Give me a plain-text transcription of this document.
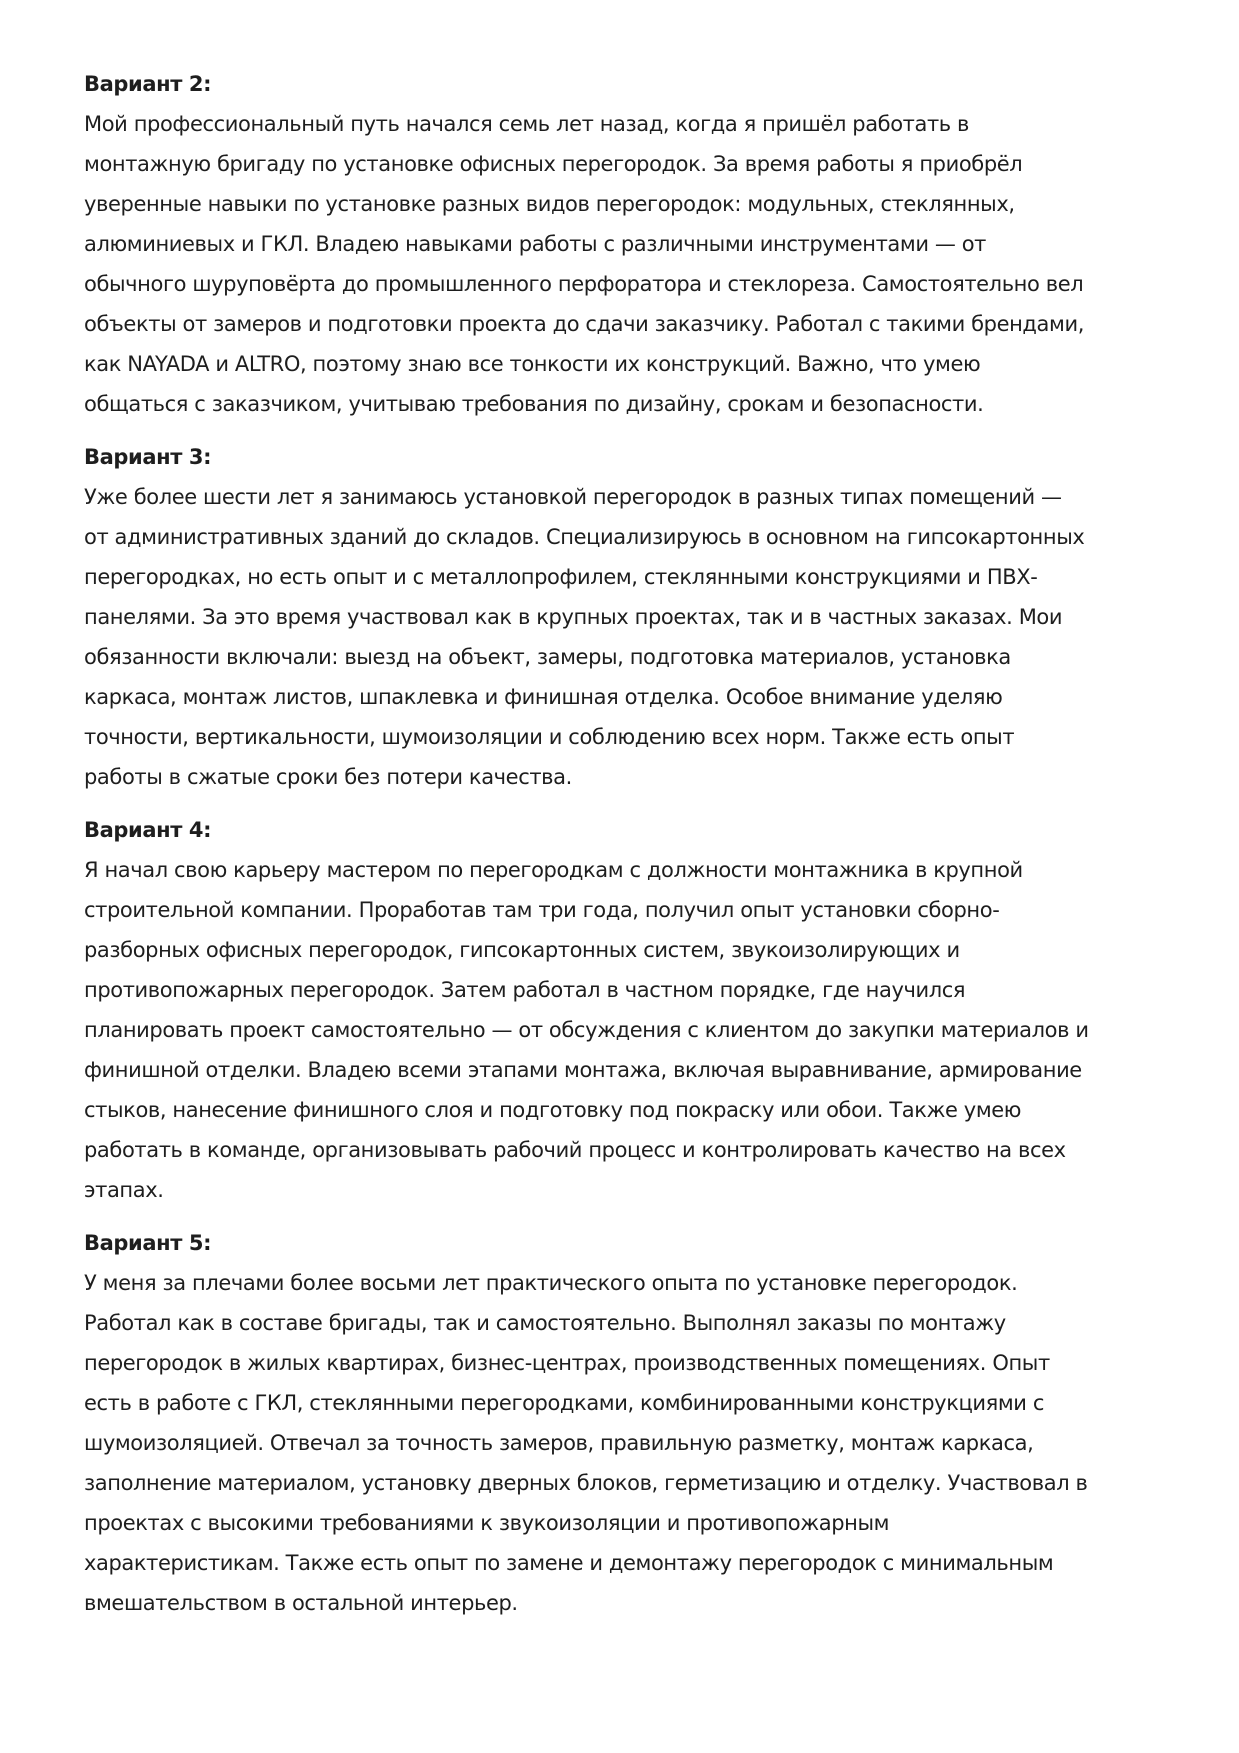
Вариант 2:

Мой профессиональный путь начался семь лет назад, когда я пришёл работать в
монтажную бригаду по установке офисных перегородок. За время работы я приобрёл
уверенные навыки по установке разных видов перегородок: модульных, стеклянных,
алюминиевых и ГКЛ. Владею навыками работы с различными инструментами — от
обычного шуруповёрта до промышленного перфоратора и стеклореза. Самостоятельно вел
объекты от замеров и подготовки проекта до сдачи заказчику. Работал с такими брендами,
как NAYADA и ALTRO, поэтому знаю все тонкости их конструкций. Важно, что умею
общаться с заказчиком, учитываю требования по дизайну, срокам и безопасности.

Вариант 3:

Уже более шести лет я занимаюсь установкой перегородок в разных типах помещений —
от административных зданий до складов. Специализируюсь в основном на гипсокартонных
перегородках, но есть опыт и с металлопрофилем, стеклянными конструкциями и ПВХ-
панелями. За это время участвовал как в крупных проектах, так и в частных заказах. Мои
обязанности включали: выезд на объект, замеры, подготовка материалов, установка
каркаса, монтаж листов, шпаклевка и финишная отделка. Особое внимание уделяю
точности, вертикальности, шумоизоляции и соблюдению всех норм. Также есть опыт
работы в сжатые сроки без потери качества.

Вариант 4:

Я начал свою карьеру мастером по перегородкам с должности монтажника в крупной
строительной компании. Проработав там три года, получил опыт установки сборно-
разборных офисных перегородок, гипсокартонных систем, звукоизолирующих и
противопожарных перегородок. Затем работал в частном порядке, где научился
планировать проект самостоятельно — от обсуждения с клиентом до закупки материалов и
финишной отделки. Владею всеми этапами монтажа, включая выравнивание, армирование
стыков, нанесение финишного слоя и подготовку под покраску или обои. Также умею
работать в команде, организовывать рабочий процесс и контролировать качество на всех
этапах.

Вариант 5:

У меня за плечами более восьми лет практического опыта по установке перегородок.
Работал как в составе бригады, так и самостоятельно. Выполнял заказы по монтажу
перегородок в жилых квартирах, бизнес-центрах, производственных помещениях. Опыт
есть в работе с ГКЛ, стеклянными перегородками, комбинированными конструкциями с
шумоизоляцией. Отвечал за точность замеров, правильную разметку, монтаж каркаса,
заполнение материалом, установку дверных блоков, герметизацию и отделку. Участвовал в
проектах с высокими требованиями к звукоизоляции и противопожарным
характеристикам. Также есть опыт по замене и демонтажу перегородок с минимальным
вмешательством в остальной интерьер.
